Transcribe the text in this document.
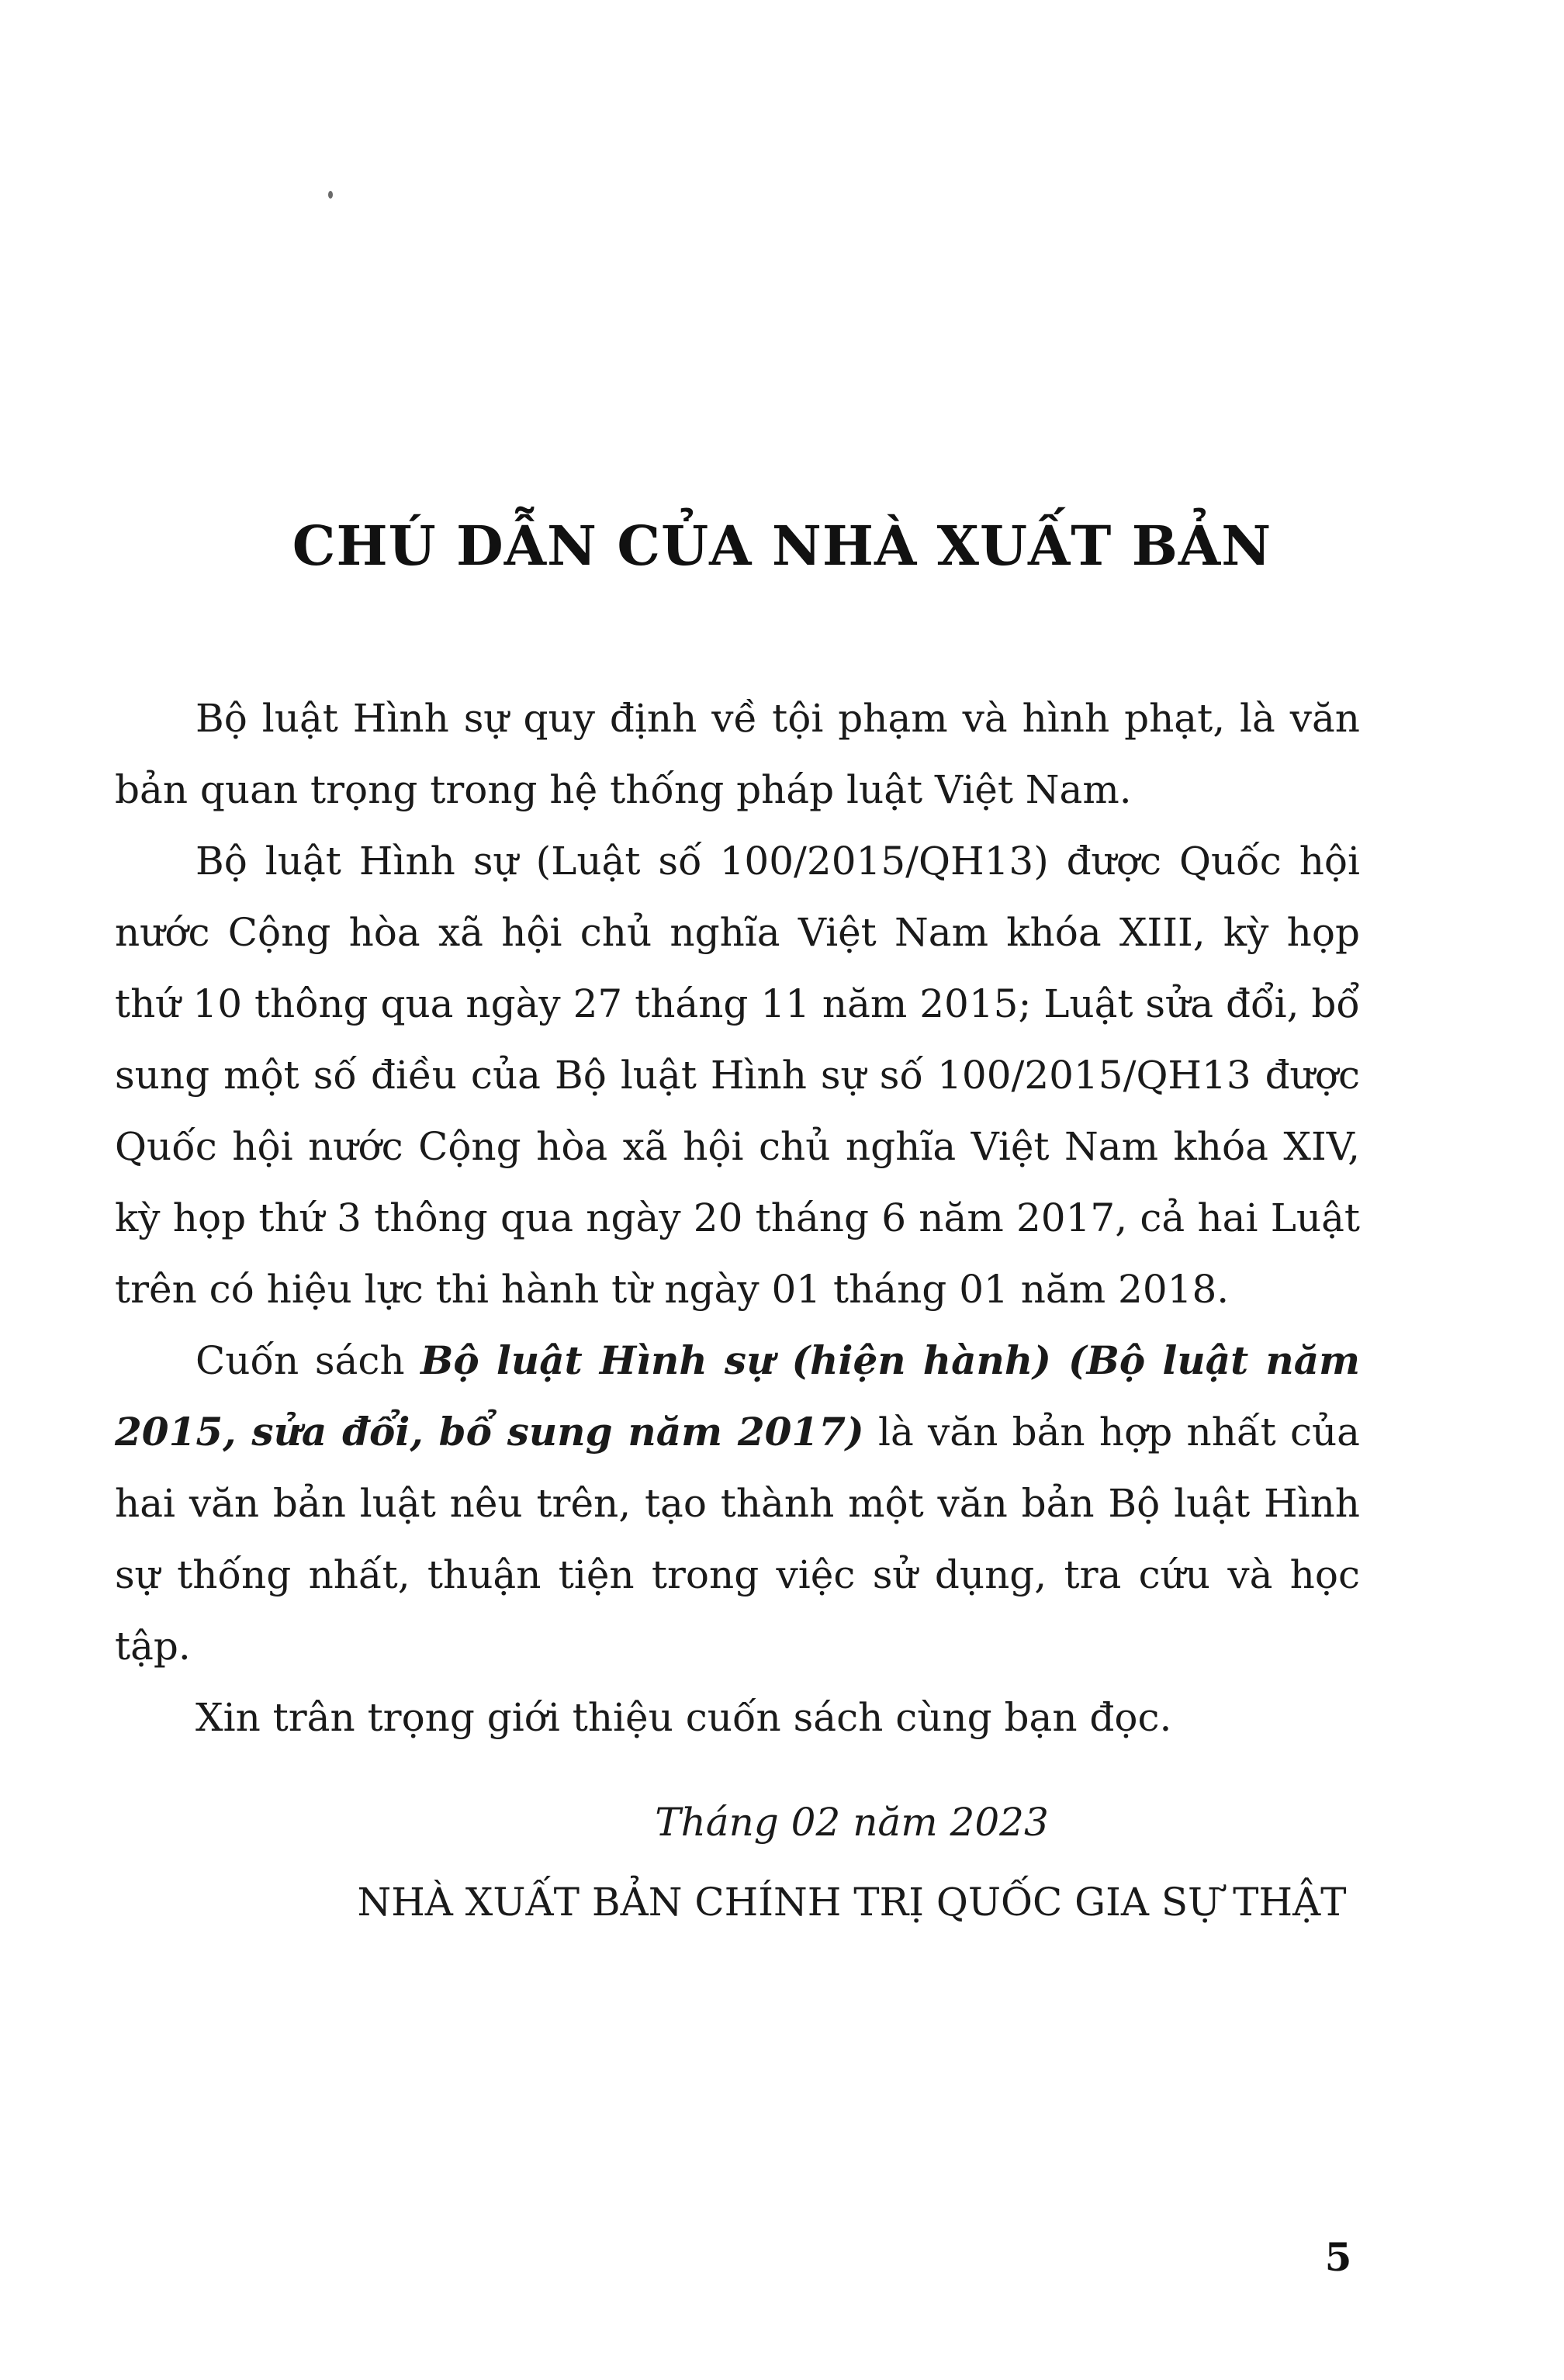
CHÚ DẪN CỦA NHÀ XUẤT BẢN

Bộ luật Hình sự quy định về tội phạm và hình phạt, là văn bản quan trọng trong hệ thống pháp luật Việt Nam.

Bộ luật Hình sự (Luật số 100/2015/QH13) được Quốc hội nước Cộng hòa xã hội chủ nghĩa Việt Nam khóa XIII, kỳ họp thứ 10 thông qua ngày 27 tháng 11 năm 2015; Luật sửa đổi, bổ sung một số điều của Bộ luật Hình sự số 100/2015/QH13 được Quốc hội nước Cộng hòa xã hội chủ nghĩa Việt Nam khóa XIV, kỳ họp thứ 3 thông qua ngày 20 tháng 6 năm 2017, cả hai Luật trên có hiệu lực thi hành từ ngày 01 tháng 01 năm 2018.

Cuốn sách Bộ luật Hình sự (hiện hành) (Bộ luật năm 2015, sửa đổi, bổ sung năm 2017) là văn bản hợp nhất của hai văn bản luật nêu trên, tạo thành một văn bản Bộ luật Hình sự thống nhất, thuận tiện trong việc sử dụng, tra cứu và học tập.

Xin trân trọng giới thiệu cuốn sách cùng bạn đọc.

Tháng 02 năm 2023
NHÀ XUẤT BẢN CHÍNH TRỊ QUỐC GIA SỰ THẬT
5
